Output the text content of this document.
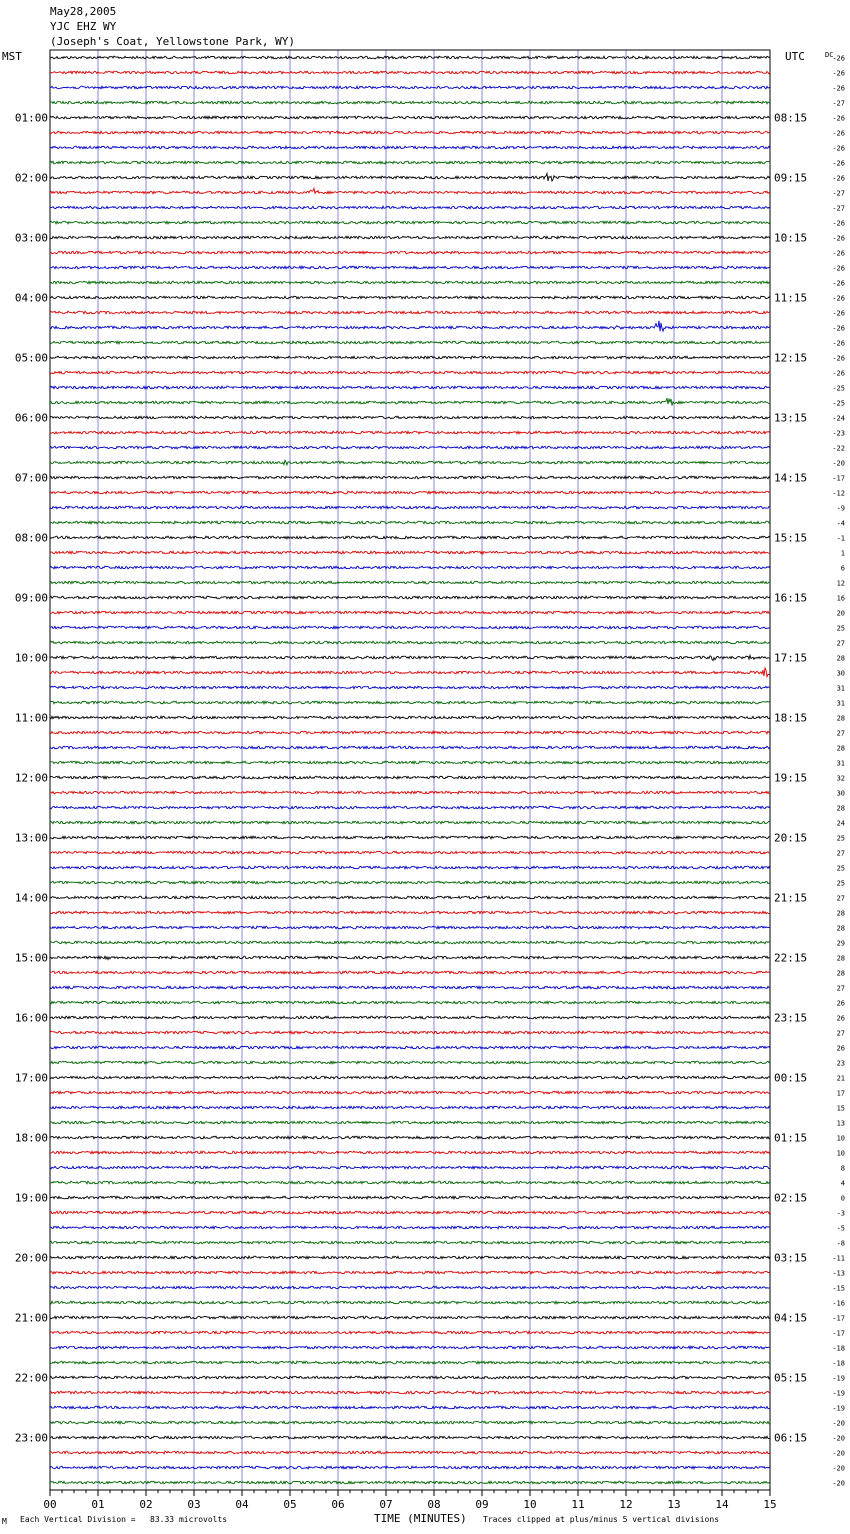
May28,2005
YJC EHZ WY
(Joseph's Coat, Yellowstone Park, WY)
MST	UTC
01:00	08:15
02:00	09:15
03:00	10:15
04:00	11:15
05:00	12:15
06:00	13:15
07:00	14:15
08:00	15:15
09:00	16:15
10:00	17:15
11:00	18:15
12:00	19:15
13:00	20:15
14:00	21:15
15:00	22:15
16:00	23:15
17:00	00:15
18:00	01:15
19:00	02:15
20:00	03:15
21:00	04:15
22:00	05:15
23:00	06:15
DC
-26
-26
-26
-27
-26
-26
-26
-26
-26
-27
-27
-26
-26
-26
-26
-26
-26
-26
-26
-26
-26
-26
-25
-25
-24
-23
-22
-20
-17
-12
-9
-4
-1
1
6
12
16
20
25
27
28
30
31
31
28
27
28
31
32
30
28
24
25
27
25
25
27
28
28
29
28
28
27
26
26
27
26
23
21
17
15
13
10
10
8
4
0
-3
-5
-8
-11
-13
-15
-16
-17
-17
-18
-18
-19
-19
-19
-20
-20
-20
-20
-20
00	01	02	03	04	05	06	07	08	09	10	11	12	13	14	15
M Each Vertical Division =   83.33 microvolts	TIME (MINUTES) Traces clipped at plus/minus 5 vertical divisions
